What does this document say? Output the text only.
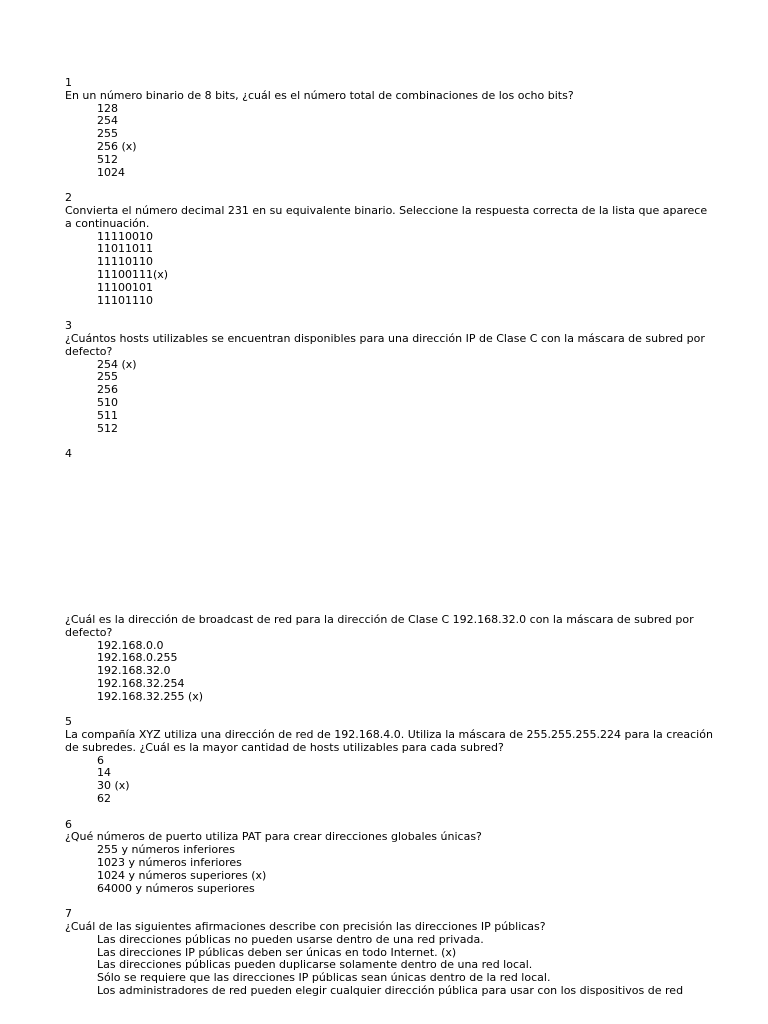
1
En un número binario de 8 bits, ¿cuál es el número total de combinaciones de los ocho bits?
128
254
255
256 (x)
512
1024
2
Convierta el número decimal 231 en su equivalente binario. Seleccione la respuesta correcta de la lista que aparece a continuación.
11110010
11011011
11110110
11100111(x)
11100101
11101110
3
¿Cuántos hosts utilizables se encuentran disponibles para una dirección IP de Clase C con la máscara de subred por defecto?
254 (x)
255
256
510
511
512
4
¿Cuál es la dirección de broadcast de red para la dirección de Clase C 192.168.32.0 con la máscara de subred por defecto?
192.168.0.0
192.168.0.255
192.168.32.0
192.168.32.254
192.168.32.255 (x)
5
La compañía XYZ utiliza una dirección de red de 192.168.4.0. Utiliza la máscara de 255.255.255.224 para la creación de subredes. ¿Cuál es la mayor cantidad de hosts utilizables para cada subred?
6
14
30 (x)
62
6
¿Qué números de puerto utiliza PAT para crear direcciones globales únicas?
255 y números inferiores
1023 y números inferiores
1024 y números superiores (x)
64000 y números superiores
7
¿Cuál de las siguientes afirmaciones describe con precisión las direcciones IP públicas?
Las direcciones públicas no pueden usarse dentro de una red privada.
Las direcciones IP públicas deben ser únicas en todo Internet. (x)
Las direcciones públicas pueden duplicarse solamente dentro de una red local.
Sólo se requiere que las direcciones IP públicas sean únicas dentro de la red local.
Los administradores de red pueden elegir cualquier dirección pública para usar con los dispositivos de red
